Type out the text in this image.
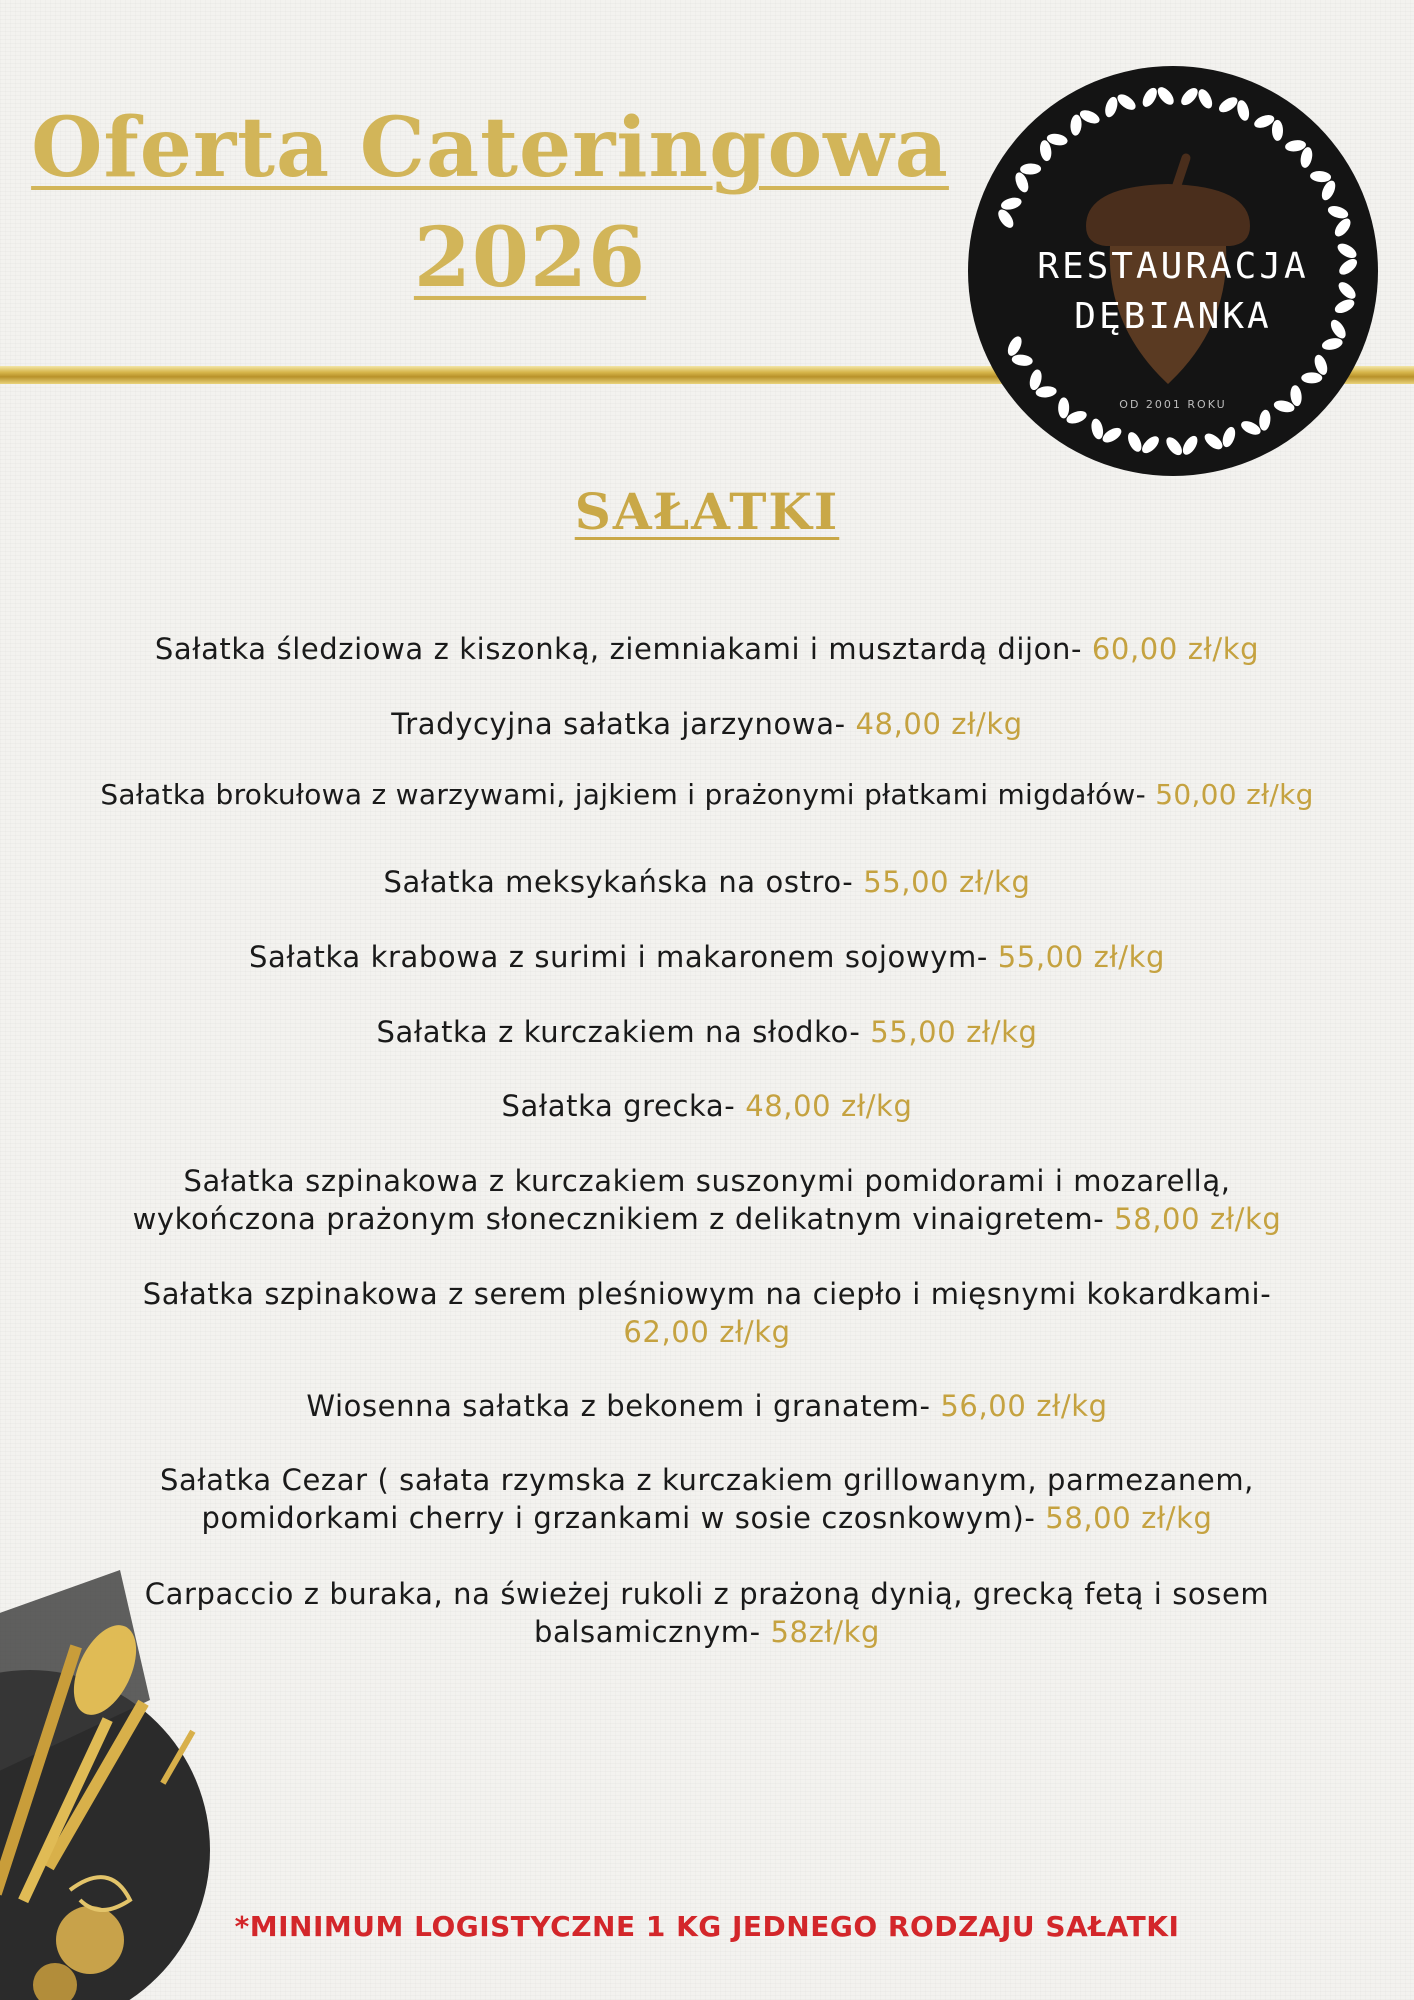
Oferta Cateringowa
2026	RESTAURACJA
DĘBIANKA
OD 2001 ROKU
SAŁATKI
Sałatka śledziowa z kiszonką, ziemniakami i musztardą dijon- 60,00 zł/kg
Tradycyjna sałatka jarzynowa- 48,00 zł/kg
Sałatka brokułowa z warzywami, jajkiem i prażonymi płatkami migdałów- 50,00 zł/kg
Sałatka meksykańska na ostro- 55,00 zł/kg
Sałatka krabowa z surimi i makaronem sojowym- 55,00 zł/kg
Sałatka z kurczakiem na słodko- 55,00 zł/kg
Sałatka grecka- 48,00 zł/kg
Sałatka szpinakowa z kurczakiem suszonymi pomidorami i mozarellą,
wykończona prażonym słonecznikiem z delikatnym vinaigretem- 58,00 zł/kg
Sałatka szpinakowa z serem pleśniowym na ciepło i mięsnymi kokardkami-
62,00 zł/kg
Wiosenna sałatka z bekonem i granatem- 56,00 zł/kg
Sałatka Cezar ( sałata rzymska z kurczakiem grillowanym, parmezanem,
pomidorkami cherry i grzankami w sosie czosnkowym)- 58,00 zł/kg
Carpaccio z buraka, na świeżej rukoli z prażoną dynią, grecką fetą i sosem
balsamicznym- 58zł/kg
*MINIMUM LOGISTYCZNE 1 KG JEDNEGO RODZAJU SAŁATKI
